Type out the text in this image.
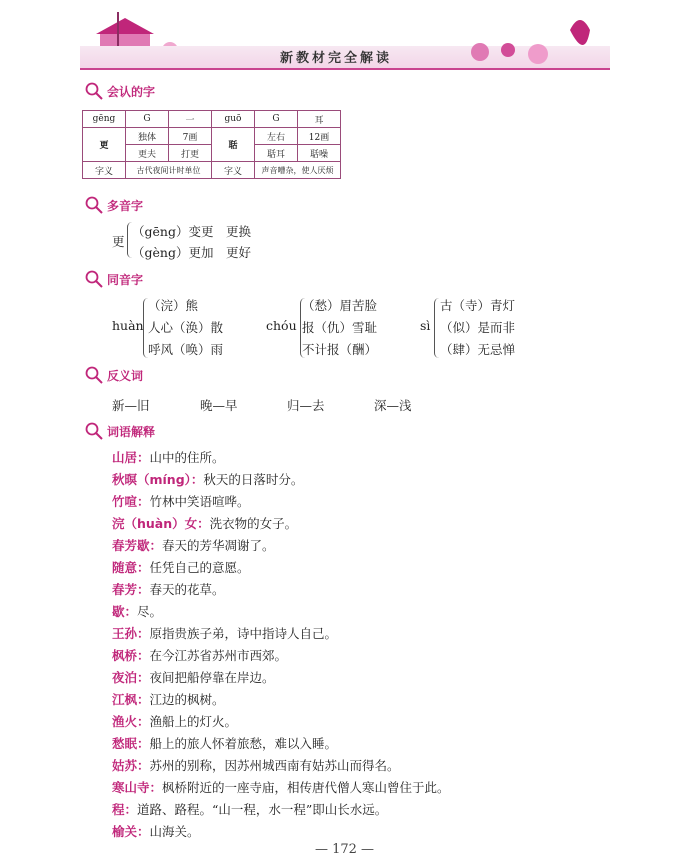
新教材完全解读
会认的字
gēng	G	一	guō	G	耳
更	独体	7画	聒	左右	12画
	更夫	打更		聒耳	聒噪
字义	古代夜间计时单位		字义	声音嘈杂，使人厌烦	
多音字
更
（gēng）变更　更换
（gèng）更加　更好
同音字
huàn
（浣）熊
人心（涣）散
呼风（唤）雨
chóu
（愁）眉苦脸
报（仇）雪耻
不计报（酬）
sì
古（寺）青灯
（似）是而非
（肆）无忌惮
反义词
新—旧	晚—早	归—去	深—浅
词语解释
山居：山中的住所。
秋暝（míng）：秋天的日落时分。
竹喧：竹林中笑语喧哗。
浣（huàn）女：洗衣物的女子。
春芳歇：春天的芳华凋谢了。
随意：任凭自己的意愿。
春芳：春天的花草。
歇：尽。
王孙：原指贵族子弟，诗中指诗人自己。
枫桥：在今江苏省苏州市西郊。
夜泊：夜间把船停靠在岸边。
江枫：江边的枫树。
渔火：渔船上的灯火。
愁眠：船上的旅人怀着旅愁，难以入睡。
姑苏：苏州的别称，因苏州城西南有姑苏山而得名。
寒山寺：枫桥附近的一座寺庙，相传唐代僧人寒山曾住于此。
程：道路、路程。“山一程，水一程”即山长水远。
榆关：山海关。
— 172 —
